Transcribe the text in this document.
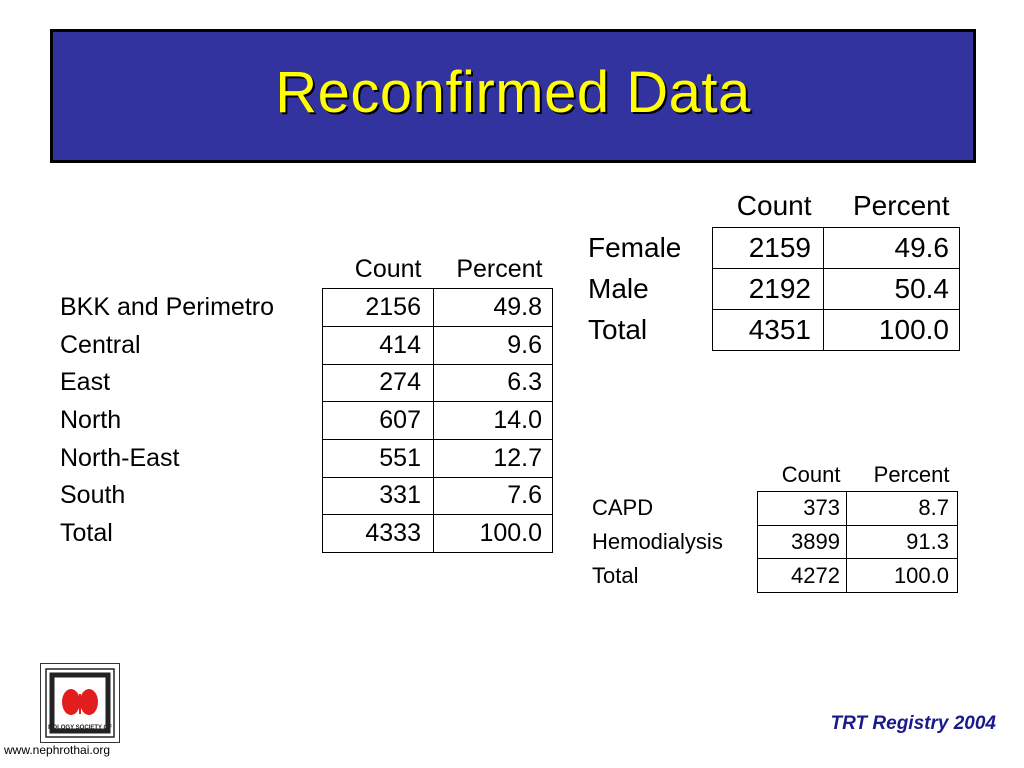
Reconfirmed Data
	Count	Percent
BKK and Perimetro	2156	49.8
Central	414	9.6
East	274	6.3
North	607	14.0
North-East	551	12.7
South	331	7.6
Total	4333	100.0
	Count	Percent
Female	2159	49.6
Male	2192	50.4
Total	4351	100.0
	Count	Percent
CAPD	373	8.7
Hemodialysis	3899	91.3
Total	4272	100.0
ROLOGY SOCIETY OF
www.nephrothai.org
TRT Registry 2004
